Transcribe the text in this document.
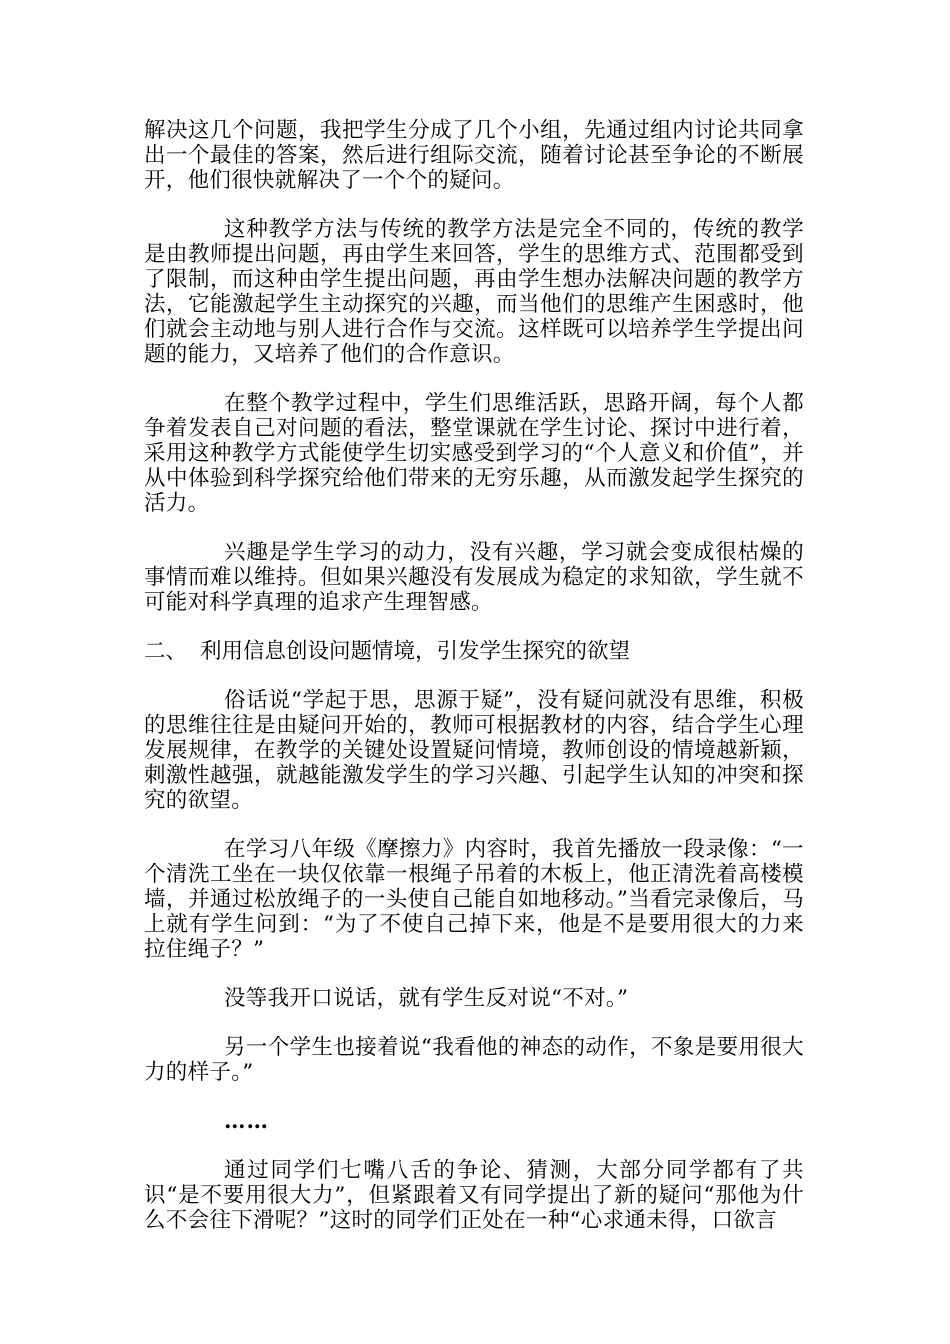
解决这几个问题，我把学生分成了几个小组，先通过组内讨论共同拿出一个最佳的答案，然后进行组际交流，随着讨论甚至争论的不断展开，他们很快就解决了一个个的疑问。

这种教学方法与传统的教学方法是完全不同的，传统的教学是由教师提出问题，再由学生来回答，学生的思维方式、范围都受到了限制，而这种由学生提出问题，再由学生想办法解决问题的教学方法，它能激起学生主动探究的兴趣，而当他们的思维产生困惑时，他们就会主动地与别人进行合作与交流。这样既可以培养学生学提出问题的能力，又培养了他们的合作意识。

在整个教学过程中，学生们思维活跃，思路开阔，每个人都争着发表自己对问题的看法，整堂课就在学生讨论、探讨中进行着，采用这种教学方式能使学生切实感受到学习的“个人意义和价值”，并从中体验到科学探究给他们带来的无穷乐趣，从而激发起学生探究的活力。

兴趣是学生学习的动力，没有兴趣，学习就会变成很枯燥的事情而难以维持。但如果兴趣没有发展成为稳定的求知欲，学生就不可能对科学真理的追求产生理智感。

二、 利用信息创设问题情境，引发学生探究的欲望

俗话说“学起于思，思源于疑”，没有疑问就没有思维，积极的思维往往是由疑问开始的，教师可根据教材的内容，结合学生心理发展规律，在教学的关键处设置疑问情境，教师创设的情境越新颖，刺激性越强，就越能激发学生的学习兴趣、引起学生认知的冲突和探究的欲望。

在学习八年级《摩擦力》内容时，我首先播放一段录像：“一个清洗工坐在一块仅依靠一根绳子吊着的木板上，他正清洗着高楼模墙，并通过松放绳子的一头使自己能自如地移动。”当看完录像后，马上就有学生问到：“为了不使自己掉下来，他是不是要用很大的力来拉住绳子？”

没等我开口说话，就有学生反对说“不对。”

另一个学生也接着说“我看他的神态的动作，不象是要用很大力的样子。”

……

通过同学们七嘴八舌的争论、猜测，大部分同学都有了共识“是不要用很大力”，但紧跟着又有同学提出了新的疑问“那他为什么不会往下滑呢？”这时的同学们正处在一种“心求通未得，口欲言
